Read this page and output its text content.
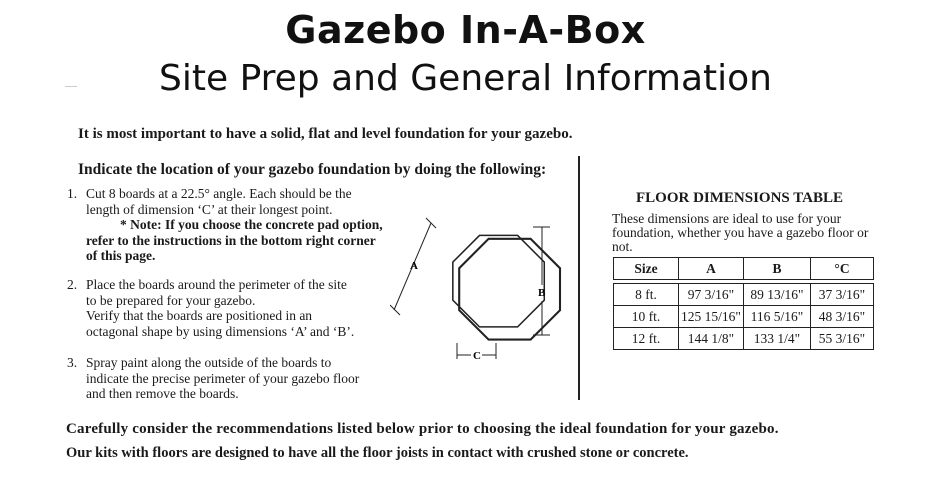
Gazebo In-A-Box
Site Prep and General Information
It is most important to have a solid, flat and level foundation for your gazebo.
Indicate the location of your gazebo foundation by doing the following:
1. Cut 8 boards at a 22.5° angle. Each should be the
length of dimension ‘C’ at their longest point.
* Note: If you choose the concrete pad option,
refer to the instructions in the bottom right corner
of this page.
2. Place the boards around the perimeter of the site
to be prepared for your gazebo.
Verify that the boards are positioned in an
octagonal shape by using dimensions ‘A’ and ‘B’.
3. Spray paint along the outside of the boards to
indicate the precise perimeter of your gazebo floor
and then remove the boards.
A
B
C
FLOOR DIMENSIONS TABLE
These dimensions are ideal to use for your foundation, whether you have a gazebo floor or not.
Size	A	B	°C

8 ft.	97 3/16"	89 13/16"	37 3/16"
10 ft.	125 15/16"	116 5/16"	48 3/16"
12 ft.	144 1/8"	133 1/4"	55 3/16"
Carefully consider the recommendations listed below prior to choosing the ideal foundation for your gazebo.
Our kits with floors are designed to have all the floor joists in contact with crushed stone or concrete.
